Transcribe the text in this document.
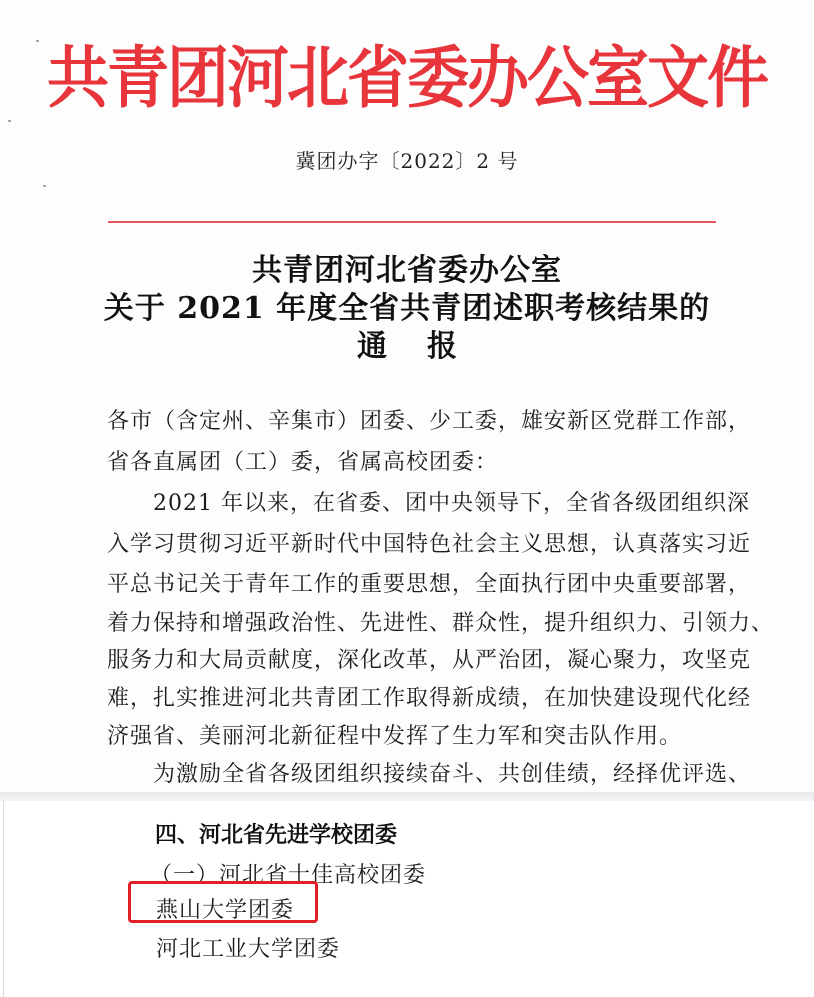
共青团河北省委办公室文件
冀团办字〔2022〕2 号
共青团河北省委办公室
关于 2021 年度全省共青团述职考核结果的
通报
各市（含定州、辛集市）团委、少工委，雄安新区党群工作部，
省各直属团（工）委，省属高校团委：
　　2021 年以来，在省委、团中央领导下，全省各级团组织深
入学习贯彻习近平新时代中国特色社会主义思想，认真落实习近
平总书记关于青年工作的重要思想，全面执行团中央重要部署，
着力保持和增强政治性、先进性、群众性，提升组织力、引领力、
服务力和大局贡献度，深化改革，从严治团，凝心聚力，攻坚克
难，扎实推进河北共青团工作取得新成绩，在加快建设现代化经
济强省、美丽河北新征程中发挥了生力军和突击队作用。
　　为激励全省各级团组织接续奋斗、共创佳绩，经择优评选、
四、河北省先进学校团委
（一）河北省十佳高校团委
燕山大学团委
河北工业大学团委
